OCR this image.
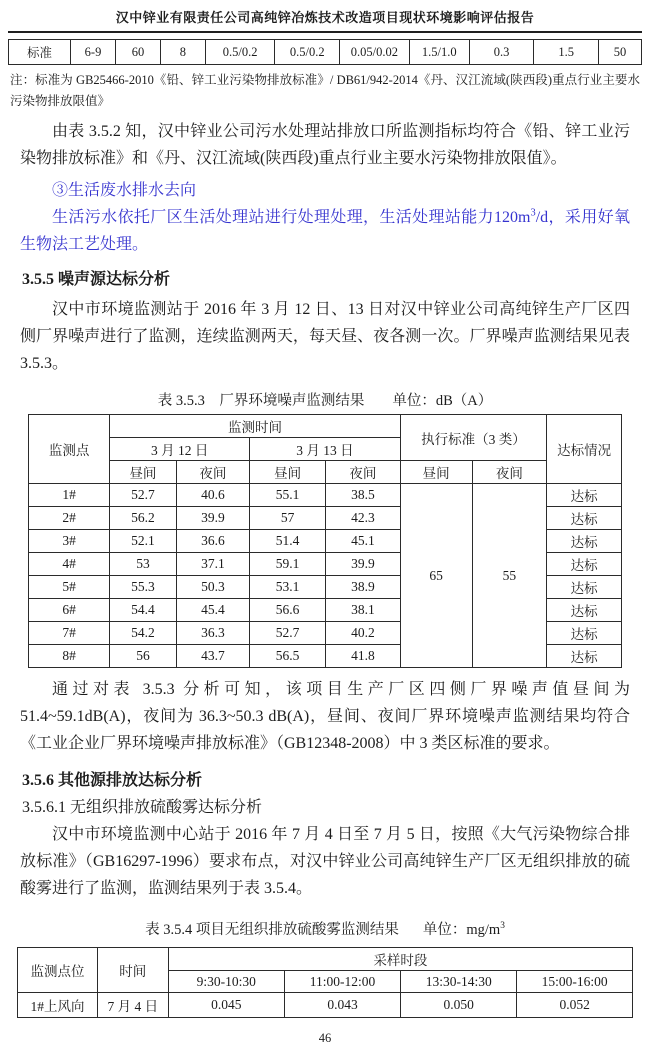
汉中锌业有限责任公司高纯锌冶炼技术改造项目现状环境影响评估报告
标准	6-9	60	8	0.5/0.2	0.5/0.2	0.05/0.02	1.5/1.0	0.3	1.5	50
注：标准为 GB25466-2010《铅、锌工业污染物排放标准》/ DB61/942-2014《丹、汉江流域(陕西段)重点行业主要水污染物排放限值》

由表 3.5.2 知，汉中锌业公司污水处理站排放口所监测指标均符合《铅、锌工业污染物排放标准》和《丹、汉江流域(陕西段)重点行业主要水污染物排放限值》。

③生活废水排水去向

生活污水依托厂区生活处理站进行处理处理，生活处理站能力$120m^3/d$，采用好氧生物法工艺处理。

3.5.5 噪声源达标分析

汉中市环境监测站于 2016 年 3 月 12 日、13 日对汉中锌业公司高纯锌生产厂区四侧厂界噪声进行了监测，连续监测两天，每天昼、夜各测一次。厂界噪声监测结果见表 3.5.3。

表 3.5.3　厂界环境噪声监测结果 单位：dB（A）
监测点	监测时间				执行标准（3 类）		达标情况
	3 月 12 日		3 月 13 日				
	昼间	夜间	昼间	夜间	昼间	夜间	
1#	52.7	40.6	55.1	38.5	65	55	达标
2#	56.2	39.9	57	42.3			达标
3#	52.1	36.6	51.4	45.1			达标
4#	53	37.1	59.1	39.9			达标
5#	55.3	50.3	53.1	38.9			达标
6#	54.4	45.4	56.6	38.1			达标
7#	54.2	36.3	52.7	40.2			达标
8#	56	43.7	56.5	41.8			达标

通过对表 3.5.3 分析可知，该项目生产厂区四侧厂界噪声值昼间为 51.4~59.1dB(A)，夜间为 36.3~50.3 dB(A)，昼间、夜间厂界环境噪声监测结果均符合《工业企业厂界环境噪声排放标准》（GB12348-2008）中 3 类区标准的要求。

3.5.6 其他源排放达标分析
3.5.6.1 无组织排放硫酸雾达标分析

汉中市环境监测中心站于 2016 年 7 月 4 日至 7 月 5 日，按照《大气污染物综合排放标准》（GB16297-1996）要求布点，对汉中锌业公司高纯锌生产厂区无组织排放的硫酸雾进行了监测，监测结果列于表 3.5.4。

表 3.5.4 项目无组织排放硫酸雾监测结果 单位：$mg/m^3$
监测点位	时间	采样时段			
		9:30-10:30	11:00-12:00	13:30-14:30	15:00-16:00
1#上风向	7 月 4 日	0.045	0.043	0.050	0.052
46
